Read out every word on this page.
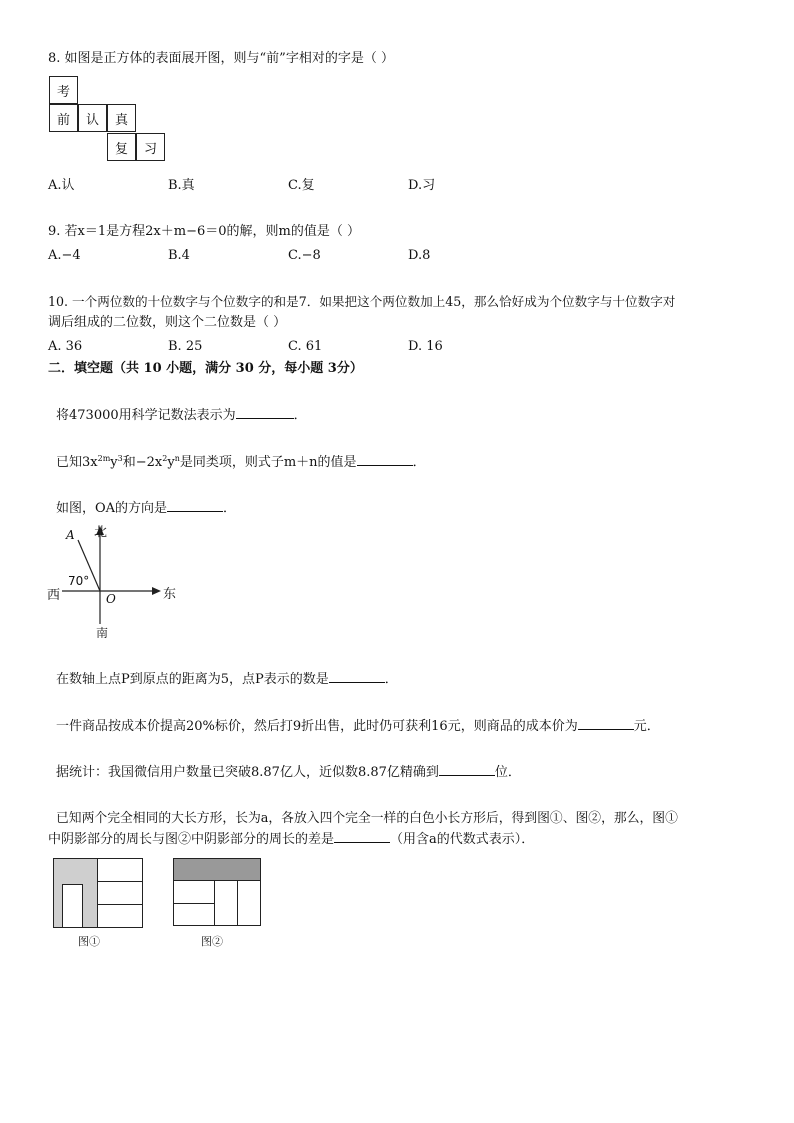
8. 如图是正方体的表面展开图，则与“前”字相对的字是（ ）
考
前	认	真
复	习
A.认	B.真	C.复	D.习
9. 若x＝1是方程2x＋m−6＝0的解，则m的值是（ ）
A.−4	B.4	C.−8	D.8
10. 一个两位数的十位数字与个位数字的和是7．如果把这个两位数加上45，那么恰好成为个位数字与十位数字对
调后组成的二位数，则这个二位数是（ ）
A. 36	B. 25	C. 61	D. 16
二．填空题（共 10 小题，满分 30 分，每小题 3分）
将473000用科学记数法表示为	．
已知$3x^{2m}y^3$和$-2x^2y^n$是同类项，则式子m＋n的值是	．
如图，OA的方向是	．
北
南
东
西
A
O
70°
在数轴上点P到原点的距离为5，点P表示的数是	．
一件商品按成本价提高20%标价，然后打9折出售，此时仍可获利16元，则商品的成本价为	元．
据统计：我国微信用户数量已突破8.87亿人，近似数8.87亿精确到	位．
已知两个完全相同的大长方形，长为a，各放入四个完全一样的白色小长方形后，得到图①、图②，那么，图①
中阴影部分的周长与图②中阴影部分的周长的差是	（用含a的代数式表示）．
图①	图②
